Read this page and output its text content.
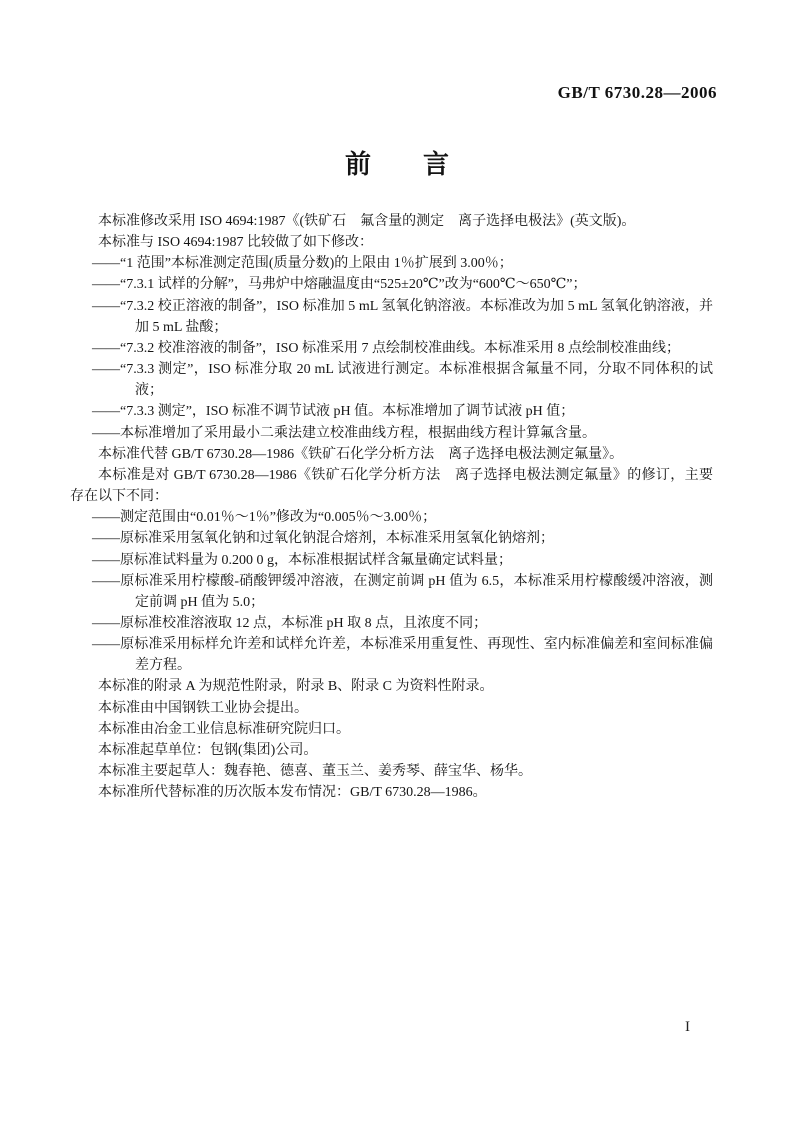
GB/T 6730.28—2006
前　　言

本标准修改采用 ISO 4694:1987《(铁矿石　氟含量的测定　离子选择电极法》(英文版)。

本标准与 ISO 4694:1987 比较做了如下修改：

——“1 范围”本标准测定范围(质量分数)的上限由 1％扩展到 3.00％；

——“7.3.1 试样的分解”，马弗炉中熔融温度由“525±20℃”改为“600℃～650℃”；

——“7.3.2 校正溶液的制备”，ISO 标准加 5 mL 氢氧化钠溶液。本标准改为加 5 mL 氢氧化钠溶液，并加 5 mL 盐酸；

——“7.3.2 校准溶液的制备”，ISO 标准采用 7 点绘制校准曲线。本标准采用 8 点绘制校准曲线；

——“7.3.3 测定”，ISO 标准分取 20 mL 试液进行测定。本标准根据含氟量不同，分取不同体积的试液；

——“7.3.3 测定”，ISO 标准不调节试液 pH 值。本标准增加了调节试液 pH 值；

——本标准增加了采用最小二乘法建立校准曲线方程，根据曲线方程计算氟含量。

本标准代替 GB/T 6730.28—1986《铁矿石化学分析方法　离子选择电极法测定氟量》。

本标准是对 GB/T 6730.28—1986《铁矿石化学分析方法　离子选择电极法测定氟量》的修订，主要存在以下不同：

——测定范围由“0.01％～1％”修改为“0.005％～3.00％；

——原标准采用氢氧化钠和过氧化钠混合熔剂，本标准采用氢氧化钠熔剂；

——原标准试料量为 0.200 0 g，本标准根据试样含氟量确定试料量；

——原标准采用柠檬酸-硝酸钾缓冲溶液，在测定前调 pH 值为 6.5，本标准采用柠檬酸缓冲溶液，测定前调 pH 值为 5.0；

——原标准校准溶液取 12 点，本标准 pH 取 8 点，且浓度不同；

——原标准采用标样允许差和试样允许差，本标准采用重复性、再现性、室内标准偏差和室间标准偏差方程。

本标准的附录 A 为规范性附录，附录 B、附录 C 为资料性附录。

本标准由中国钢铁工业协会提出。

本标准由冶金工业信息标准研究院归口。

本标准起草单位：包钢(集团)公司。

本标准主要起草人：魏春艳、德喜、董玉兰、姜秀琴、薛宝华、杨华。

本标准所代替标准的历次版本发布情况：GB/T 6730.28—1986。

I
